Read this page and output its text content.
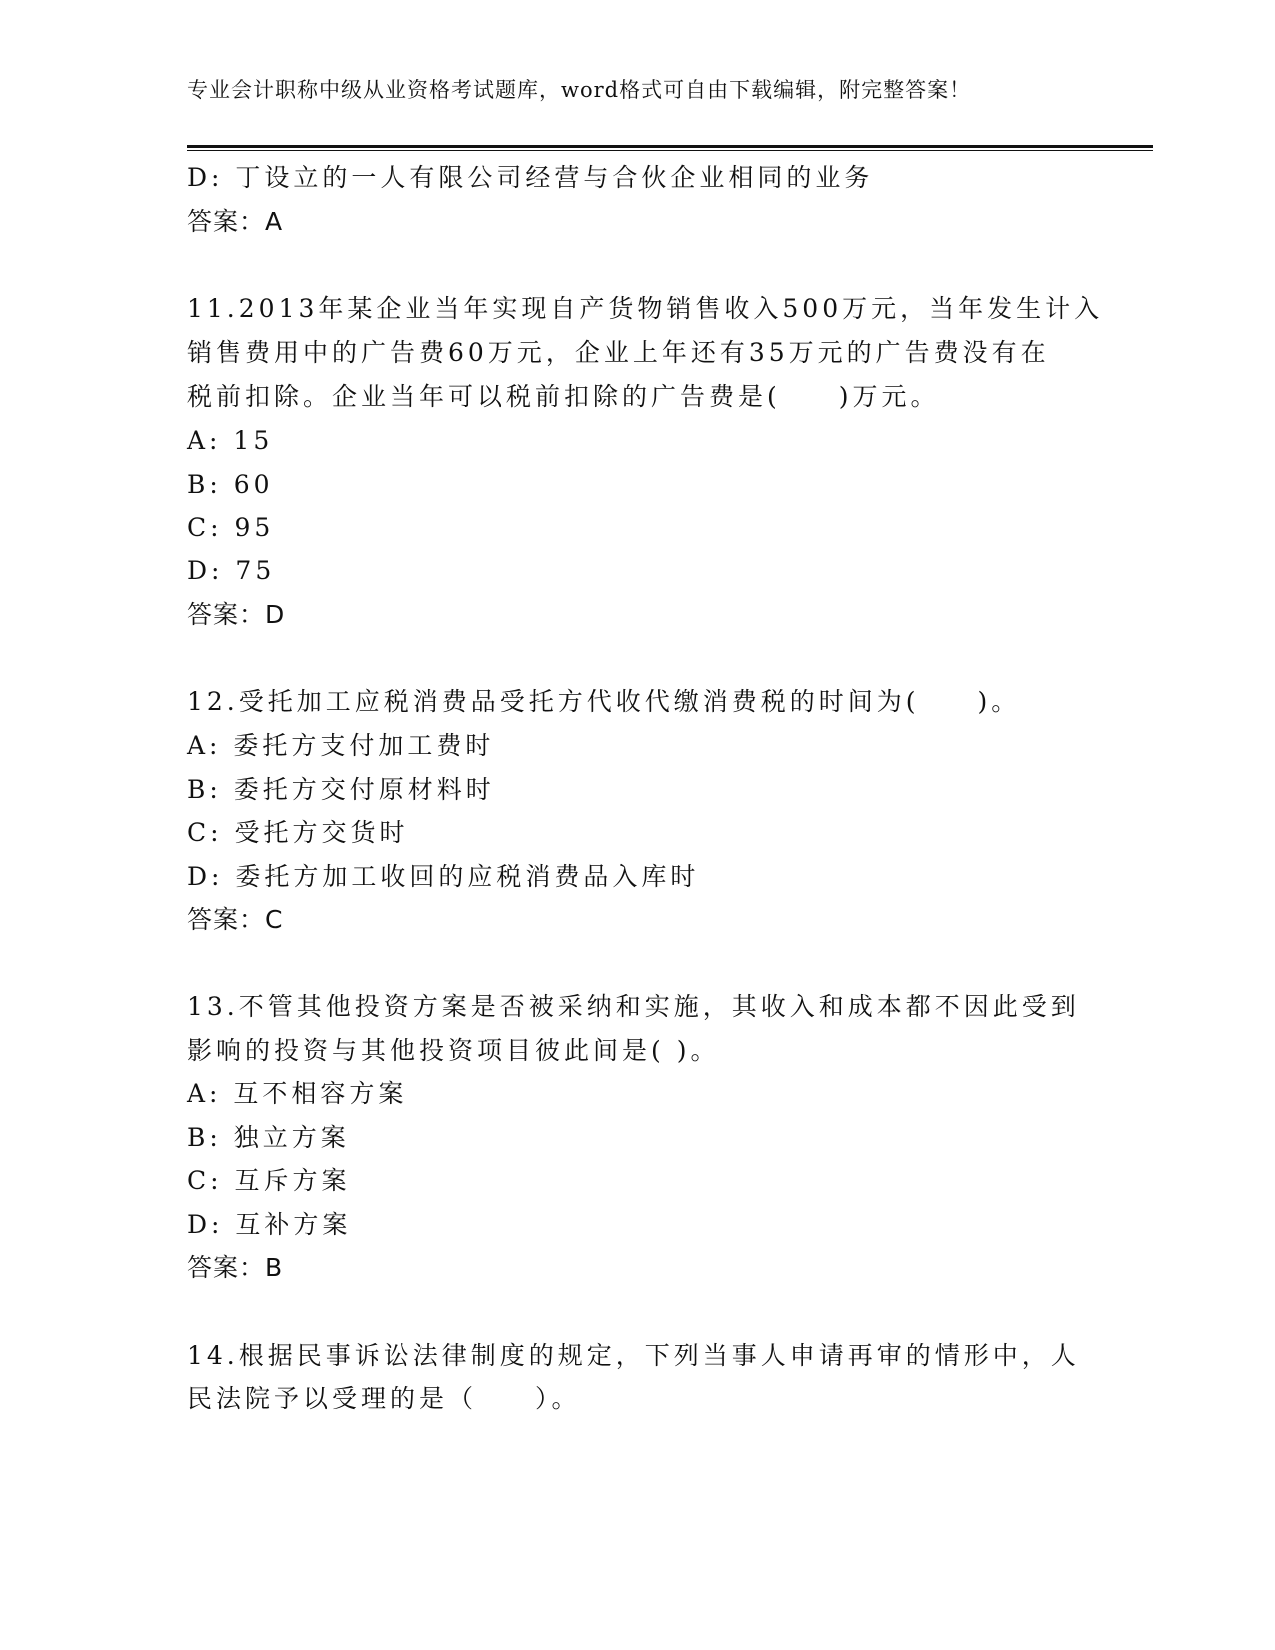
专业会计职称中级从业资格考试题库，word格式可自由下载编辑，附完整答案！
D: 丁设立的一人有限公司经营与合伙企业相同的业务
答案：A
11.2013年某企业当年实现自产货物销售收入500万元，当年发生计入
销售费用中的广告费60万元，企业上年还有35万元的广告费没有在
税前扣除。企业当年可以税前扣除的广告费是(　　)万元。
A: 15
B: 60
C: 95
D: 75
答案：D
12.受托加工应税消费品受托方代收代缴消费税的时间为(　　)。
A: 委托方支付加工费时
B: 委托方交付原材料时
C: 受托方交货时
D: 委托方加工收回的应税消费品入库时
答案：C
13.不管其他投资方案是否被采纳和实施，其收入和成本都不因此受到
影响的投资与其他投资项目彼此间是( )。
A: 互不相容方案
B: 独立方案
C: 互斥方案
D: 互补方案
答案：B
14.根据民事诉讼法律制度的规定，下列当事人申请再审的情形中，人
民法院予以受理的是（　　）。
